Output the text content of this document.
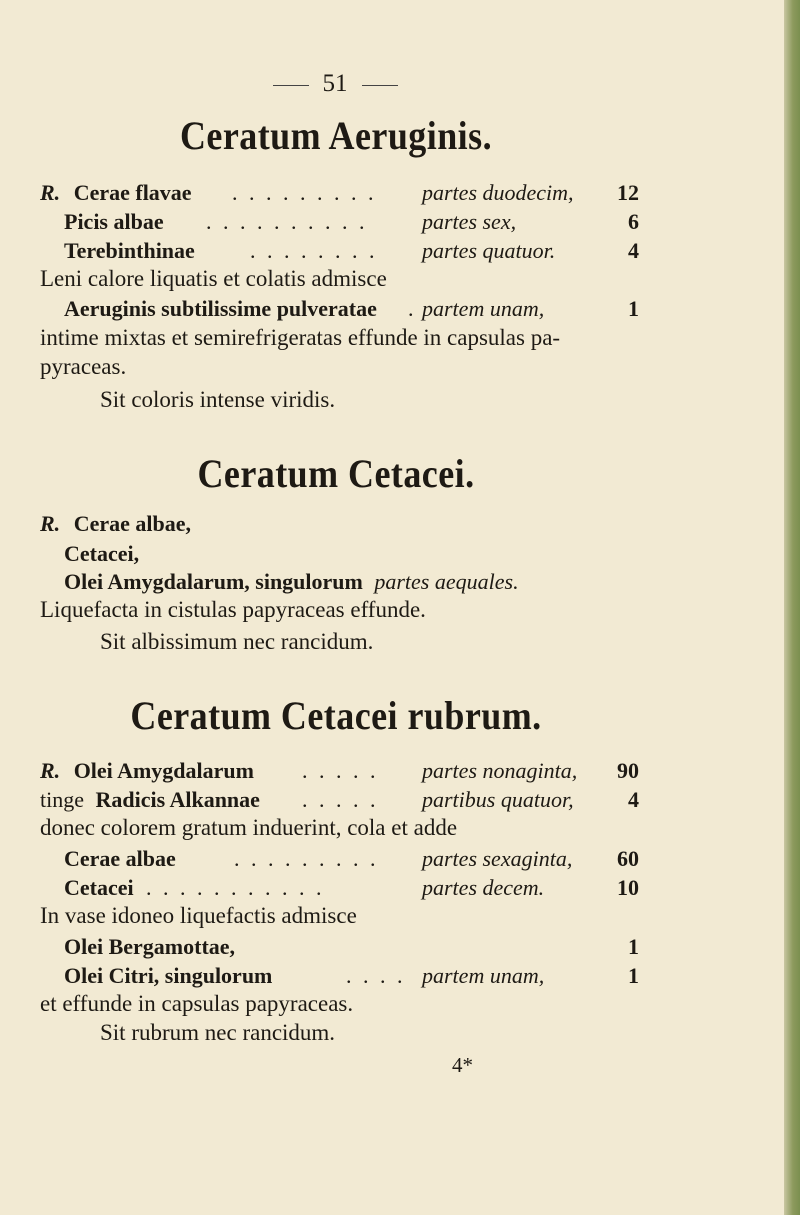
51
Ceratum Aeruginis.
R. Cerae flavae . . . . . . . . . partes duodecim,	12
Picis albae . . . . . . . . . . partes sex,	6
Terebinthinae	. . . . . . . . partes quatuor.	4
Leni calore liquatis et colatis admisce
Aeruginis subtilissime pulveratae . partem unam,	1
intime mixtas et semirefrigeratas effunde in capsulas pa-
pyraceas.
Sit coloris intense viridis.
Ceratum Cetacei.
R. Cerae albae,
Cetacei,
Olei Amygdalarum, singulorum partes aequales.
Liquefacta in cistulas papyraceas effunde.
Sit albissimum nec rancidum.
Ceratum Cetacei rubrum.
R. Olei Amygdalarum . . . . . partes nonaginta,	90
tinge Radicis Alkannae . . . . . partibus quatuor,	4
donec colorem gratum induerint, cola et adde
Cerae albae	. . . . . . . . . partes sexaginta,	60
Cetacei . . . . . . . . . . .	partes decem.	10
In vase idoneo liquefactis admisce
Olei Bergamottae,	1
Olei Citri, singulorum	. . . . partem unam,	1
et effunde in capsulas papyraceas.
Sit rubrum nec rancidum.
4*
